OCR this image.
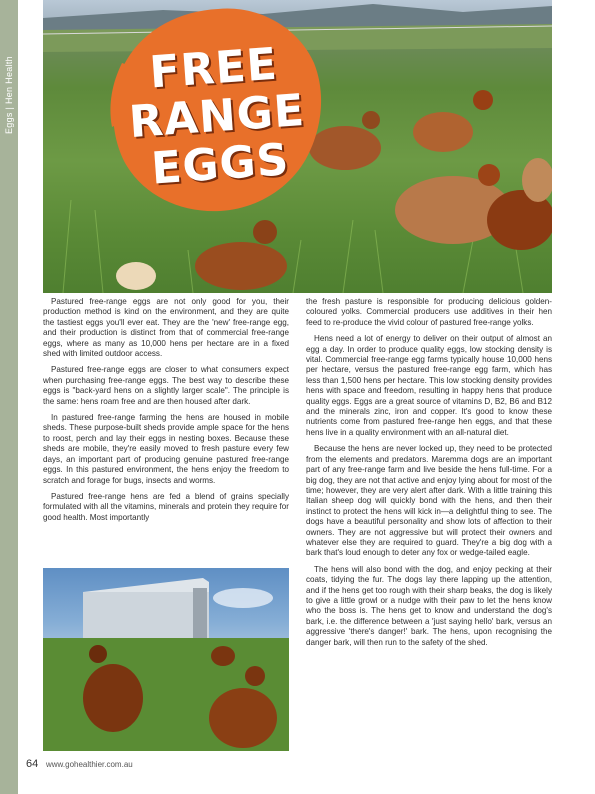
Eggs | Hen Health	FREE
RANGE
EGGS

Pastured free-range eggs are not only good for you, their production method is kind on the environment, and they are quite the tastiest eggs you'll ever eat. They are the 'new' free-range egg, and their production is distinct from that of commercial free-range eggs, where as many as 10,000 hens per hectare are in a fixed shed with limited outdoor access.

Pastured free-range eggs are closer to what consumers expect when purchasing free-range eggs. The best way to describe these eggs is "back-yard hens on a slightly larger scale". The principle is the same: hens roam free and are then housed after dark.

In pastured free-range farming the hens are housed in mobile sheds. These purpose-built sheds provide ample space for the hens to roost, perch and lay their eggs in nesting boxes. Because these sheds are mobile, they're easily moved to fresh pasture every few days, an important part of producing genuine pastured free-range eggs. In this pastured environment, the hens enjoy the freedom to scratch and forage for bugs, insects and worms.

Pastured free-range hens are fed a blend of grains specially formulated with all the vitamins, minerals and protein they require for good health. Most importantly

the fresh pasture is responsible for producing delicious golden-coloured yolks. Commercial producers use additives in their hen feed to re-produce the vivid colour of pastured free-range yolks.

Hens need a lot of energy to deliver on their output of almost an egg a day. In order to produce quality eggs, low stocking density is vital. Commercial free-range egg farms typically house 10,000 hens per hectare, versus the pastured free-range egg farm, which has less than 1,500 hens per hectare. This low stocking density provides hens with space and freedom, resulting in happy hens that produce quality eggs. Eggs are a great source of vitamins D, B2, B6 and B12 and the minerals zinc, iron and copper. It's good to know these nutrients come from pastured free-range hen eggs, and that these hens live in a quality environment with an all-natural diet.

Because the hens are never locked up, they need to be protected from the elements and predators. Maremma dogs are an important part of any free-range farm and live beside the hens full-time. For a big dog, they are not that active and enjoy lying about for most of the time; however, they are very alert after dark. With a little training this Italian sheep dog will quickly bond with the hens, and then their instinct to protect the hens will kick in—a delightful thing to see. The dogs have a beautiful personality and show lots of affection to their owners. They are not aggressive but will protect their owners and whatever else they are required to guard. They're a big dog with a bark that's loud enough to deter any fox or wedge-tailed eagle.

The hens will also bond with the dog, and enjoy pecking at their coats, tidying the fur. The dogs lay there lapping up the attention, and if the hens get too rough with their sharp beaks, the dog is likely to give a little growl or a nudge with their paw to let the hens know who the boss is. The hens get to know and understand the dog's bark, i.e. the difference between a 'just saying hello' bark, versus an aggressive 'there's danger!' bark. The hens, upon recognising the danger bark, will then run to the safety of the shed.

64 www.gohealthier.com.au
